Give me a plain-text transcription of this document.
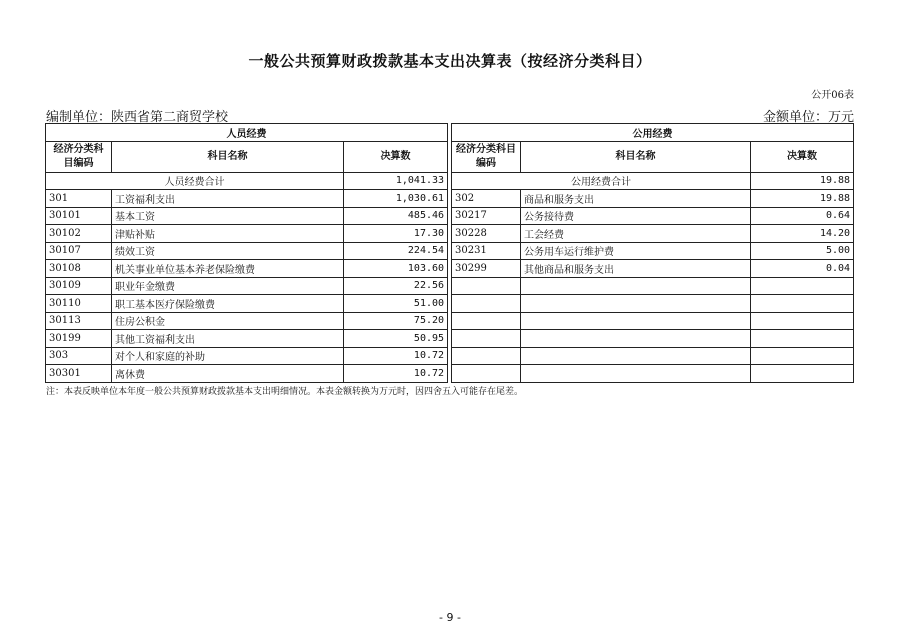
一般公共预算财政拨款基本支出决算表（按经济分类科目）
公开06表
编制单位：陕西省第二商贸学校	金额单位：万元
人员经费				公用经费		
经济分类科目编码	科目名称	决算数		经济分类科目编码	科目名称	决算数
人员经费合计		1,041.33		公用经费合计		19.88
301	工资福利支出	1,030.61		302	商品和服务支出	19.88
30101	基本工资	485.46		30217	公务接待费	0.64
30102	津贴补贴	17.30		30228	工会经费	14.20
30107	绩效工资	224.54		30231	公务用车运行维护费	5.00
30108	机关事业单位基本养老保险缴费	103.60		30299	其他商品和服务支出	0.04
30109	职业年金缴费	22.56				
30110	职工基本医疗保险缴费	51.00				
30113	住房公积金	75.20				
30199	其他工资福利支出	50.95				
303	对个人和家庭的补助	10.72				
30301	离休费	10.72				
注：本表反映单位本年度一般公共预算财政拨款基本支出明细情况。本表金额转换为万元时，因四舍五入可能存在尾差。
- 9 -
